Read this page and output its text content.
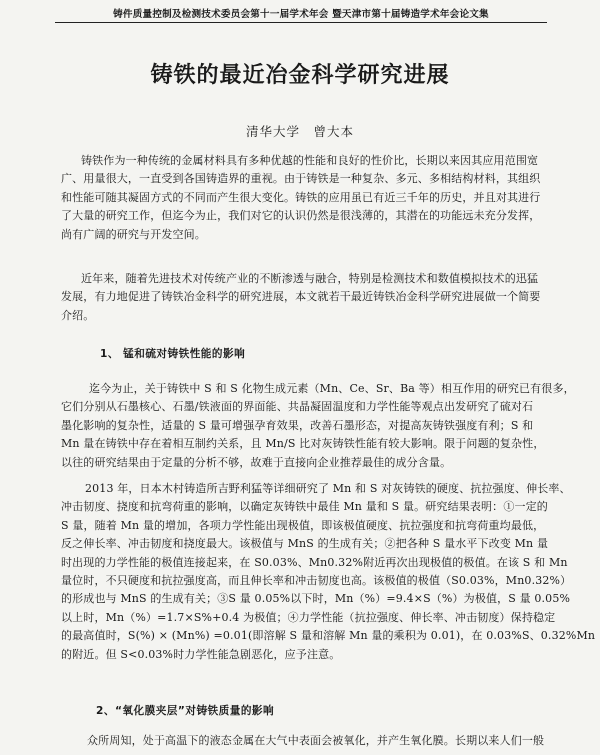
铸件质量控制及检测技术委员会第十一届学术年会 暨天津市第十届铸造学术年会论文集
铸铁的最近冶金科学研究进展
清华大学　曾大本
铸铁作为一种传统的金属材料具有多种优越的性能和良好的性价比，长期以来因其应用范围宽
广、用量很大，一直受到各国铸造界的重视。由于铸铁是一种复杂、多元、多相结构材料，其组织
和性能可随其凝固方式的不同而产生很大变化。铸铁的应用虽已有近三千年的历史，并且对其进行
了大量的研究工作，但迄今为止，我们对它的认识仍然是很浅薄的，其潜在的功能远未充分发挥，
尚有广阔的研究与开发空间。
近年来，随着先进技术对传统产业的不断渗透与融合，特别是检测技术和数值模拟技术的迅猛
发展，有力地促进了铸铁冶金科学的研究进展，本文就若干最近铸铁冶金科学研究进展做一个简要
介绍。
1、 锰和硫对铸铁性能的影响
迄今为止，关于铸铁中 S 和 S 化物生成元素（Mn、Ce、Sr、Ba 等）相互作用的研究已有很多，
它们分别从石墨核心、石墨/铁液面的界面能、共晶凝固温度和力学性能等观点出发研究了硫对石
墨化影响的复杂性，适量的 S 量可增强孕育效果，改善石墨形态，对提高灰铸铁强度有利；S 和
Mn 量在铸铁中存在着相互制约关系，且 Mn/S 比对灰铸铁性能有较大影响。限于问题的复杂性，
以往的研究结果由于定量的分析不够，故难于直接向企业推荐最佳的成分含量。
2013 年，日本木村铸造所吉野利猛等详细研究了 Mn 和 S 对灰铸铁的硬度、抗拉强度、伸长率、
冲击韧度、挠度和抗弯荷重的影响，以确定灰铸铁中最佳 Mn 量和 S 量。研究结果表明：①一定的
S 量，随着 Mn 量的增加，各项力学性能出现极值，即该极值硬度、抗拉强度和抗弯荷重均最低，
反之伸长率、冲击韧度和挠度最大。该极值与 MnS 的生成有关；②把各种 S 量水平下改变 Mn 量
时出现的力学性能的极值连接起来，在 S0.03%、Mn0.32%附近再次出现极值的极值。在该 S 和 Mn
量位时，不只硬度和抗拉强度高，而且伸长率和冲击韧度也高。该极值的极值（S0.03%，Mn0.32%）
的形成也与 MnS 的生成有关；③S 量 0.05%以下时，Mn（%）=9.4×S（%）为极值，S 量 0.05%
以上时，Mn（%）=1.7×S%+0.4 为极值；④力学性能（抗拉强度、伸长率、冲击韧度）保持稳定
的最高值时，S(%) × (Mn%) =0.01(即溶解 S 量和溶解 Mn 量的乘积为 0.01)，在 0.03%S、0.32%Mn
的附近。但 S<0.03%时力学性能急剧恶化，应予注意。
2、“氧化膜夹层”对铸铁质量的影响
众所周知，处于高温下的液态金属在大气中表面会被氧化，并产生氧化膜。长期以来人们一般
